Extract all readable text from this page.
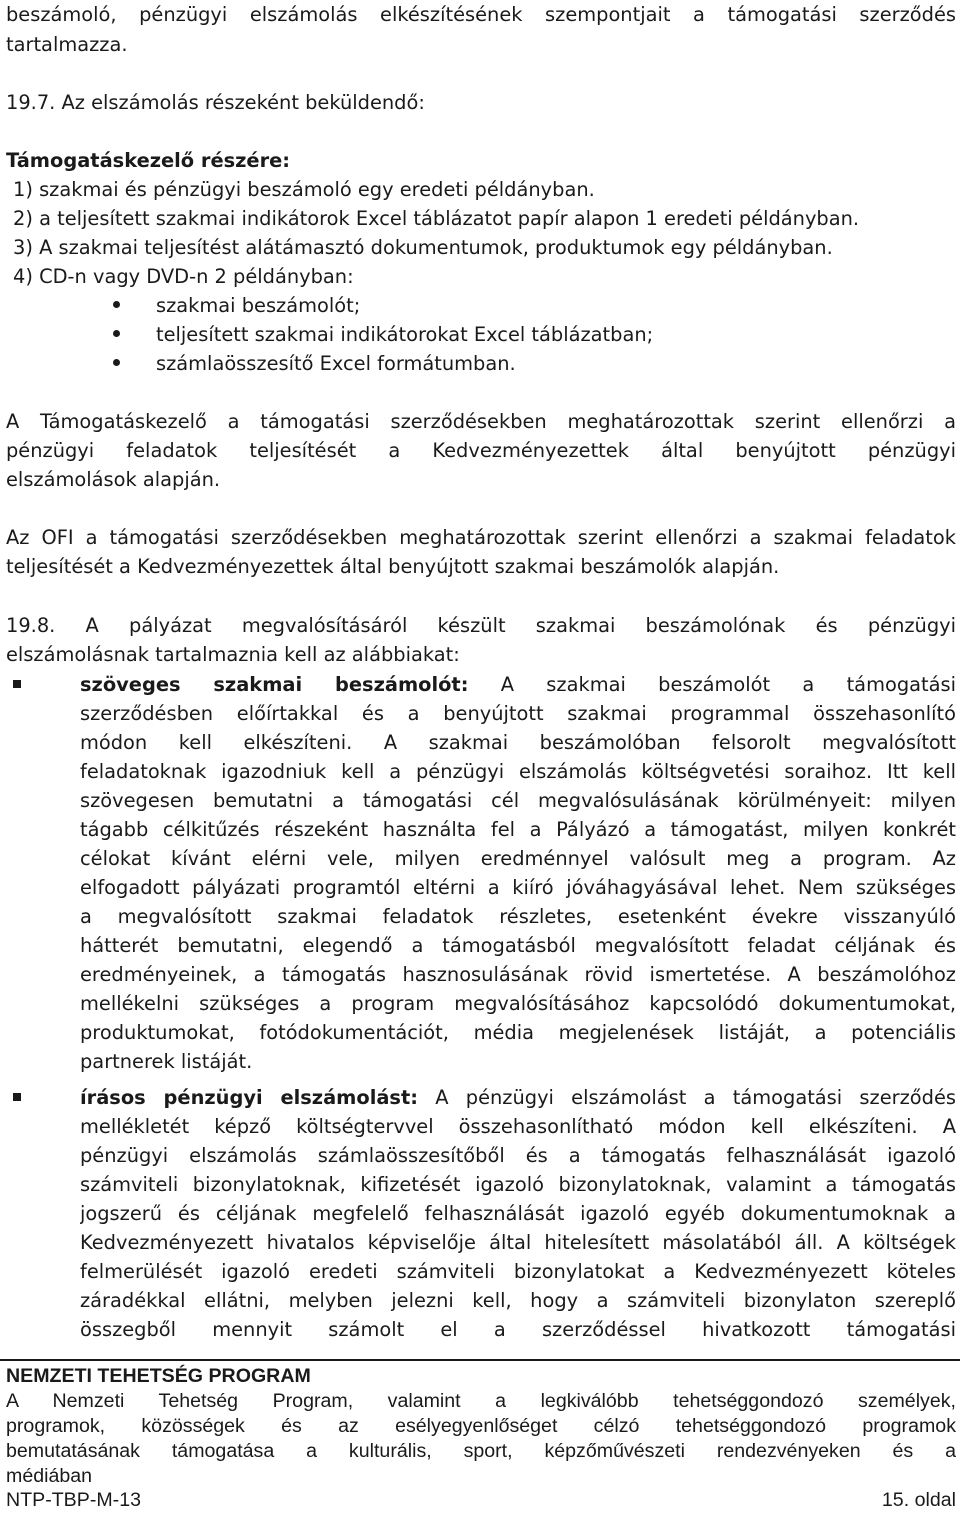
beszámoló, pénzügyi elszámolás elkészítésének szempontjait a támogatási szerződés
tartalmazza.
19.7. Az elszámolás részeként beküldendő:
Támogatáskezelő részére:
1) szakmai és pénzügyi beszámoló egy eredeti példányban.
2) a teljesített szakmai indikátorok Excel táblázatot papír alapon 1 eredeti példányban.
3) A szakmai teljesítést alátámasztó dokumentumok, produktumok egy példányban.
4) CD-n vagy DVD-n 2 példányban:
szakmai beszámolót;
teljesített szakmai indikátorokat Excel táblázatban;
számlaösszesítő Excel formátumban.
A Támogatáskezelő a támogatási szerződésekben meghatározottak szerint ellenőrzi a
pénzügyi feladatok teljesítését a Kedvezményezettek által benyújtott pénzügyi
elszámolások alapján.
Az OFI a támogatási szerződésekben meghatározottak szerint ellenőrzi a szakmai feladatok
teljesítését a Kedvezményezettek által benyújtott szakmai beszámolók alapján.
19.8. A pályázat megvalósításáról készült szakmai beszámolónak és pénzügyi
elszámolásnak tartalmaznia kell az alábbiakat:
szöveges szakmai beszámolót: A szakmai beszámolót a támogatási
szerződésben előírtakkal és a benyújtott szakmai programmal összehasonlító
módon kell elkészíteni. A szakmai beszámolóban felsorolt megvalósított
feladatoknak igazodniuk kell a pénzügyi elszámolás költségvetési soraihoz. Itt kell
szövegesen bemutatni a támogatási cél megvalósulásának körülményeit: milyen
tágabb célkitűzés részeként használta fel a Pályázó a támogatást, milyen konkrét
célokat kívánt elérni vele, milyen eredménnyel valósult meg a program. Az
elfogadott pályázati programtól eltérni a kiíró jóváhagyásával lehet. Nem szükséges
a megvalósított szakmai feladatok részletes, esetenként évekre visszanyúló
hátterét bemutatni, elegendő a támogatásból megvalósított feladat céljának és
eredményeinek, a támogatás hasznosulásának rövid ismertetése. A beszámolóhoz
mellékelni szükséges a program megvalósításához kapcsolódó dokumentumokat,
produktumokat, fotódokumentációt, média megjelenések listáját, a potenciális
partnerek listáját.
írásos pénzügyi elszámolást: A pénzügyi elszámolást a támogatási szerződés
mellékletét képző költségtervvel összehasonlítható módon kell elkészíteni. A
pénzügyi elszámolás számlaösszesítőből és a támogatás felhasználását igazoló
számviteli bizonylatoknak, kifizetését igazoló bizonylatoknak, valamint a támogatás
jogszerű és céljának megfelelő felhasználását igazoló egyéb dokumentumoknak a
Kedvezményezett hivatalos képviselője által hitelesített másolatából áll. A költségek
felmerülését igazoló eredeti számviteli bizonylatokat a Kedvezményezett köteles
záradékkal ellátni, melyben jelezni kell, hogy a számviteli bizonylaton szereplő
összegből mennyit számolt el a szerződéssel hivatkozott támogatási
NEMZETI TEHETSÉG PROGRAM
A Nemzeti Tehetség Program, valamint a legkiválóbb tehetséggondozó személyek,
programok, közösségek és az esélyegyenlőséget célzó tehetséggondozó programok
bemutatásának támogatása a kulturális, sport, képzőművészeti rendezvényeken és a
médiában
NTP-TBP-M-13	15. oldal
